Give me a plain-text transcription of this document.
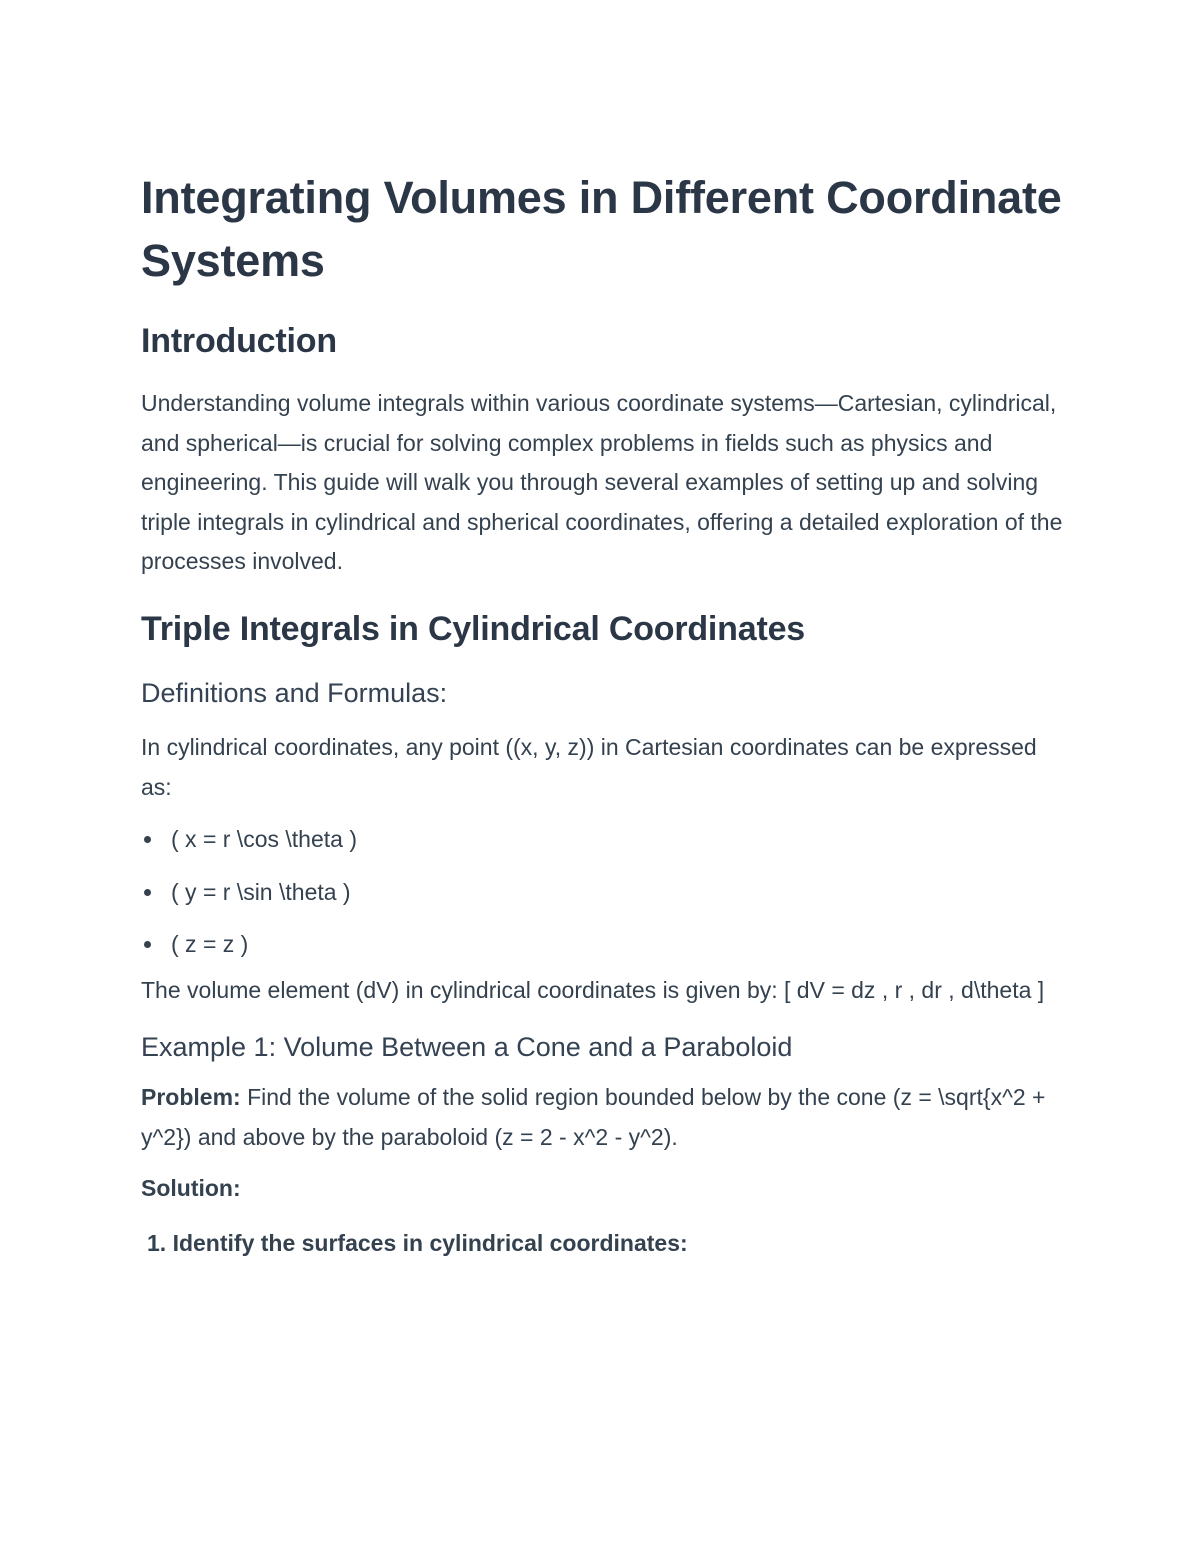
Integrating Volumes in Different Coordinate Systems
Introduction

Understanding volume integrals within various coordinate systems—Cartesian, cylindrical, and spherical—is crucial for solving complex problems in fields such as physics and engineering. This guide will walk you through several examples of setting up and solving triple integrals in cylindrical and spherical coordinates, offering a detailed exploration of the processes involved.

Triple Integrals in Cylindrical Coordinates
Definitions and Formulas:

In cylindrical coordinates, any point ((x, y, z)) in Cartesian coordinates can be expressed as:

( x = r \cos \theta )
( y = r \sin \theta )
( z = z )

The volume element (dV) in cylindrical coordinates is given by: [ dV = dz , r , dr , d\theta ]

Example 1: Volume Between a Cone and a Paraboloid

Problem: Find the volume of the solid region bounded below by the cone (z = \sqrt{x^2 + y^2}) and above by the paraboloid (z = 2 - x^2 - y^2).

Solution:

1. Identify the surfaces in cylindrical coordinates:
